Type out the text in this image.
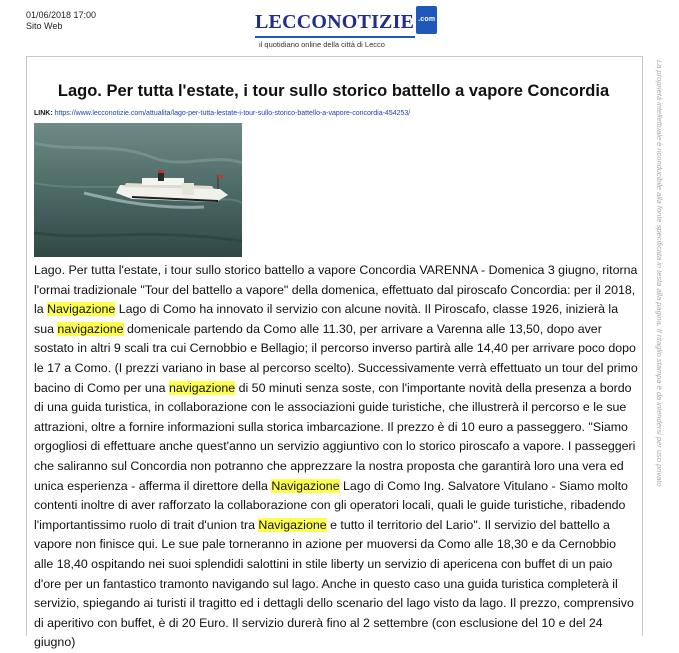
01/06/2018 17:00
Sito Web	LECCO NOTIZIE .com
il quotidiano online della città di Lecco
La proprietà intellettuale è riconducibile alla fonte specificata in testa alla pagina. Il ritaglio stampa è da intendersi per uso privato
Lago. Per tutta l'estate, i tour sullo storico battello a vapore Concordia
LINK: https://www.lecconotizie.com/attualita/lago-per-tutta-lestate-i-tour-sullo-storico-battello-a-vapore-concordia-454253/

Lago. Per tutta l'estate, i tour sullo storico battello a vapore Concordia VARENNA - Domenica 3 giugno, ritorna l'ormai tradizionale "Tour del battello a vapore" della domenica, effettuato dal piroscafo Concordia: per il 2018, la Navigazione Lago di Como ha innovato il servizio con alcune novità. Il Piroscafo, classe 1926, inizierà la sua navigazione domenicale partendo da Como alle 11.30, per arrivare a Varenna alle 13,50, dopo aver sostato in altri 9 scali tra cui Cernobbio e Bellagio; il percorso inverso partirà alle 14,40 per arrivare poco dopo le 17 a Como. (I prezzi variano in base al percorso scelto). Successivamente verrà effettuato un tour del primo bacino di Como per una navigazione di 50 minuti senza soste, con l'importante novità della presenza a bordo di una guida turistica, in collaborazione con le associazioni guide turistiche, che illustrerà il percorso e le sue attrazioni, oltre a fornire informazioni sulla storica imbarcazione. Il prezzo è di 10 euro a passeggero. "Siamo orgogliosi di effettuare anche quest'anno un servizio aggiuntivo con lo storico piroscafo a vapore. I passeggeri che saliranno sul Concordia non potranno che apprezzare la nostra proposta che garantirà loro una vera ed unica esperienza - afferma il direttore della Navigazione Lago di Como Ing. Salvatore Vitulano - Siamo molto contenti inoltre di aver rafforzato la collaborazione con gli operatori locali, quali le guide turistiche, ribadendo l'importantissimo ruolo di trait d'union tra Navigazione e tutto il territorio del Lario". Il servizio del battello a vapore non finisce qui. Le sue pale torneranno in azione per muoversi da Como alle 18,30 e da Cernobbio alle 18,40 ospitando nei suoi splendidi salottini in stile liberty un servizio di apericena con buffet di un paio d'ore per un fantastico tramonto navigando sul lago. Anche in questo caso una guida turistica completerà il servizio, spiegando ai turisti il tragitto ed i dettagli dello scenario del lago visto da lago. Il prezzo, comprensivo di aperitivo con buffet, è di 20 Euro. Il servizio durerà fino al 2 settembre (con esclusione del 10 e del 24 giugno)
